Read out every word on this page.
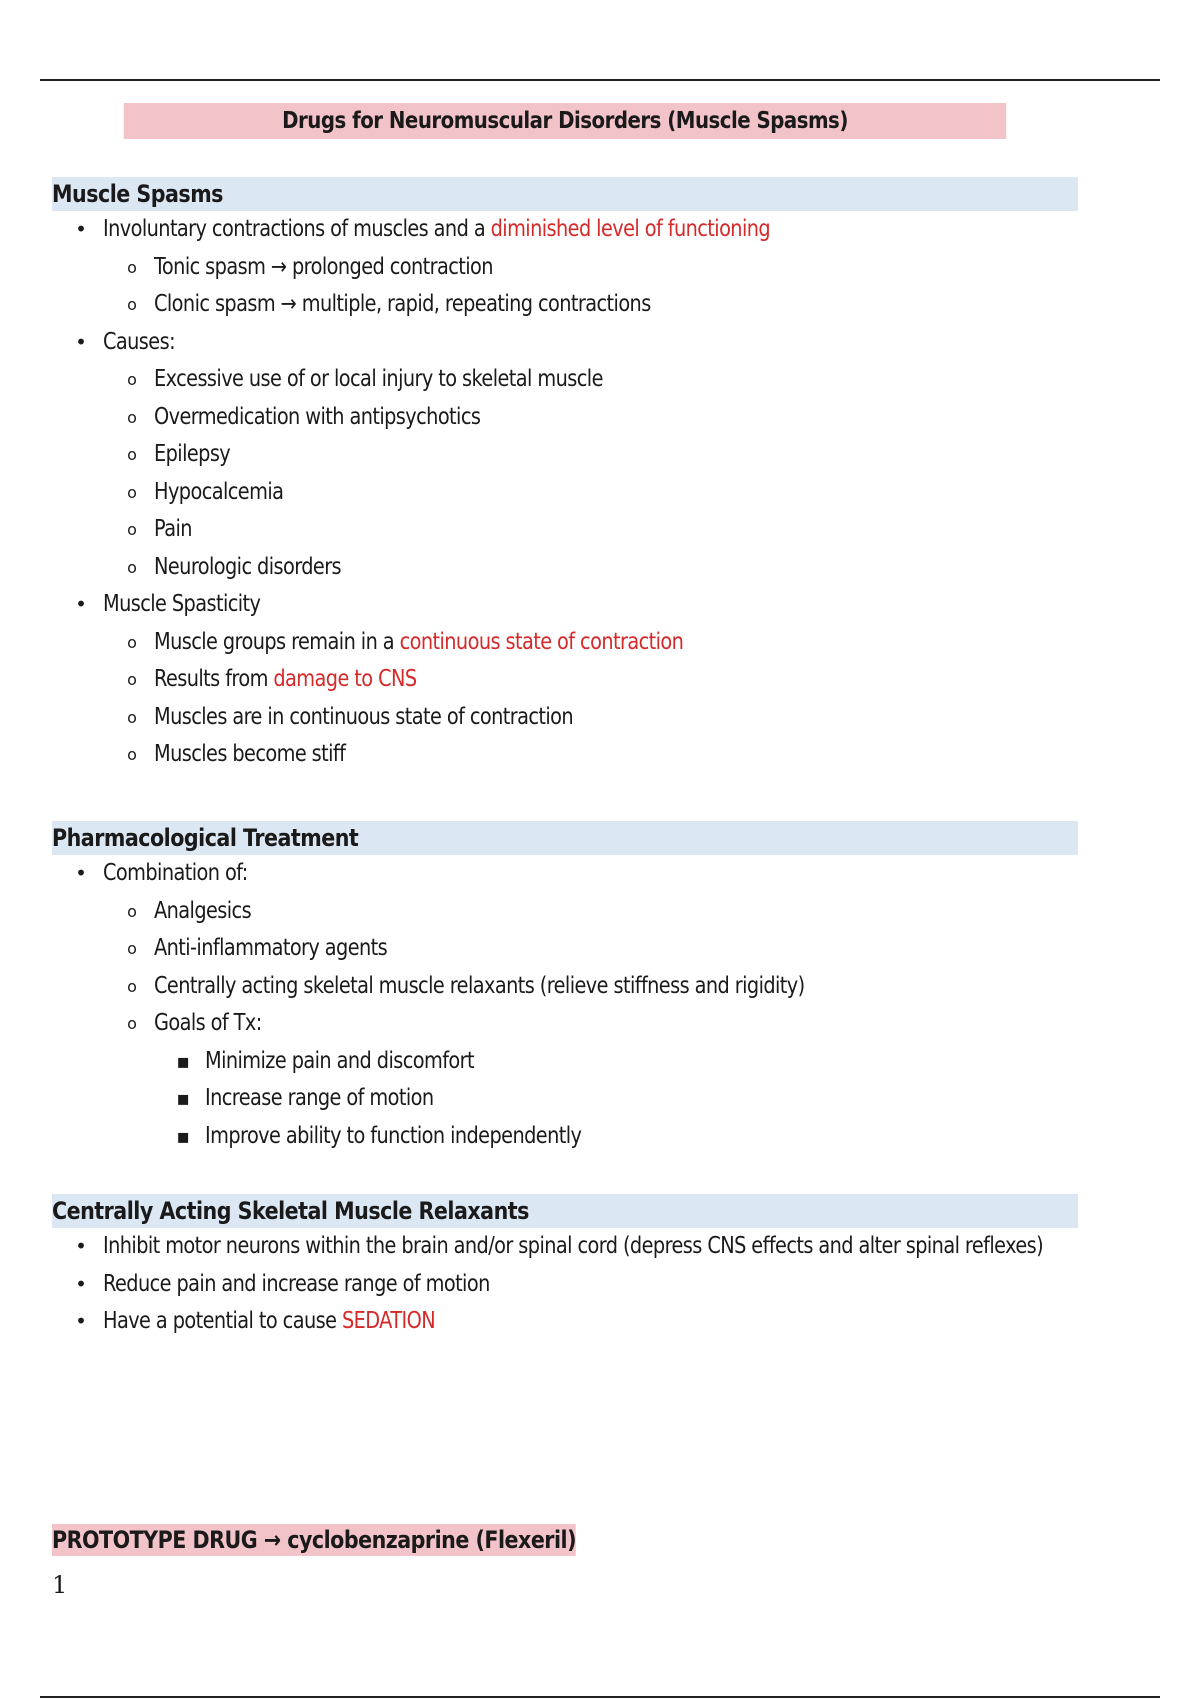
Drugs for Neuromuscular Disorders (Muscle Spasms)
Muscle Spasms
• Involuntary contractions of muscles and a diminished level of functioning
o Tonic spasm → prolonged contraction
o Clonic spasm → multiple, rapid, repeating contractions
• Causes:
o Excessive use of or local injury to skeletal muscle
o Overmedication with antipsychotics
o Epilepsy
o Hypocalcemia
o Pain
o Neurologic disorders
• Muscle Spasticity
o Muscle groups remain in a continuous state of contraction
o Results from damage to CNS
o Muscles are in continuous state of contraction
o Muscles become stiff
Pharmacological Treatment
• Combination of:
o Analgesics
o Anti-inflammatory agents
o Centrally acting skeletal muscle relaxants (relieve stiffness and rigidity)
o Goals of Tx:
▪ Minimize pain and discomfort
▪ Increase range of motion
▪ Improve ability to function independently
Centrally Acting Skeletal Muscle Relaxants
• Inhibit motor neurons within the brain and/or spinal cord (depress CNS effects and alter spinal reflexes)
• Reduce pain and increase range of motion
• Have a potential to cause SEDATION
PROTOTYPE DRUG → cyclobenzaprine (Flexeril)
1
